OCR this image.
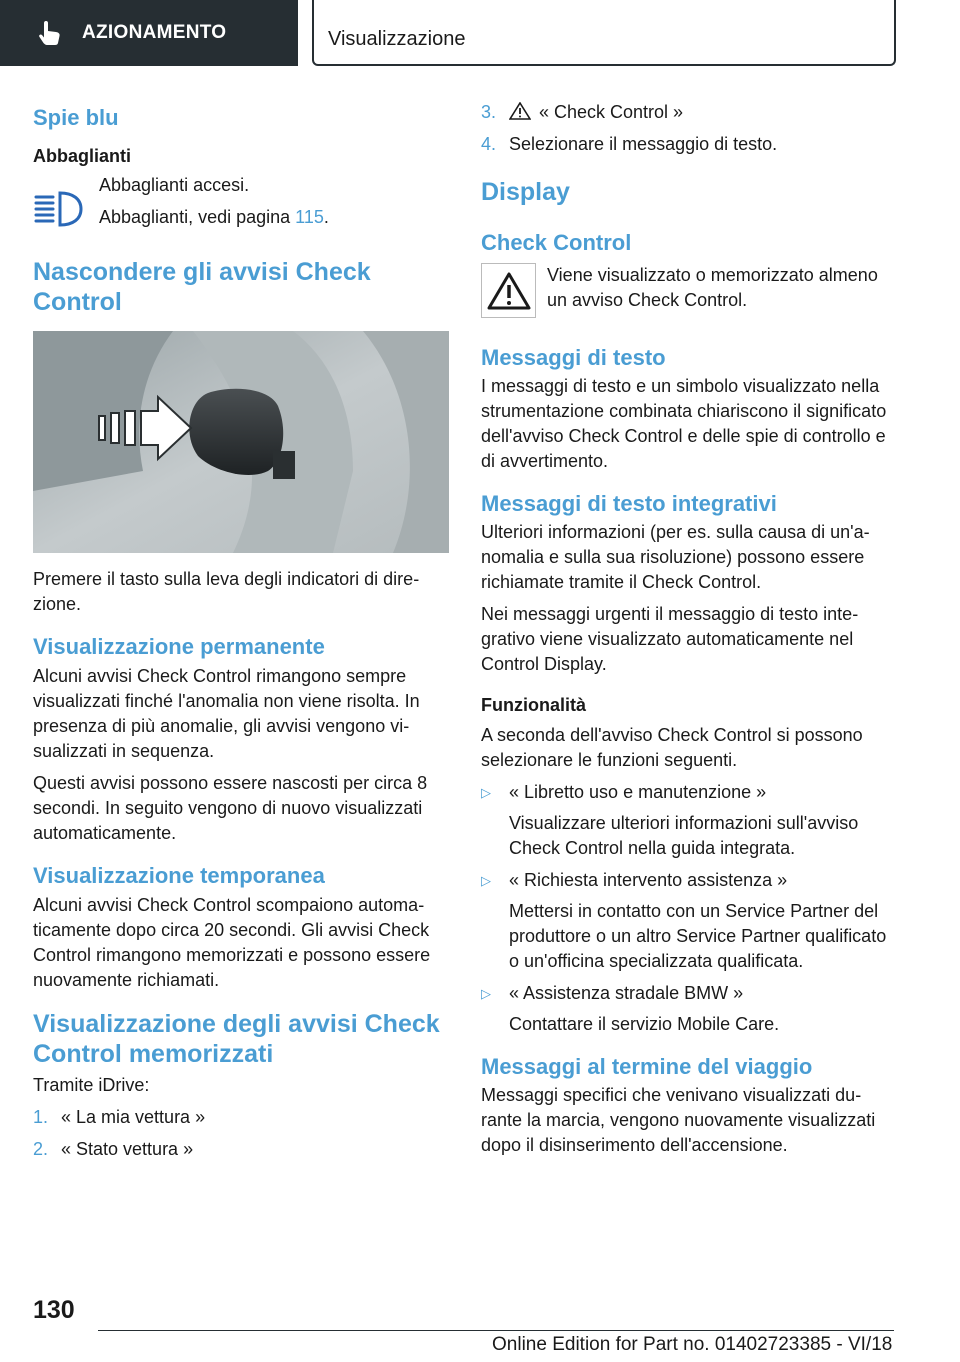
AZIONAMENTO	Visualizzazione
Spie blu
Abbaglianti

Abbaglianti accesi.

Abbaglianti, vedi pagina 115.

Nascondere gli avvisi Check Control

Premere il tasto sulla leva degli indicatori di direzione.

Visualizzazione permanente

Alcuni avvisi Check Control rimangono sempre visualizzati finché l'anomalia non viene risolta. In presenza di più anomalie, gli avvisi vengono visualizzati in sequenza.

Questi avvisi possono essere nascosti per circa 8 secondi. In seguito vengono di nuovo visualizzati automaticamente.

Visualizzazione temporanea

Alcuni avvisi Check Control scompaiono automaticamente dopo circa 20 secondi. Gli avvisi Check Control rimangono memorizzati e possono essere nuovamente richiamati.

Visualizzazione degli avvisi Check Control memorizzati

Tramite iDrive:

1. « La mia vettura »
2. « Stato vettura »
3.	« Check Control »
4. Selezionare il messaggio di testo.
Display
Check Control

Viene visualizzato o memorizzato almeno un avviso Check Control.

Messaggi di testo

I messaggi di testo e un simbolo visualizzato nella strumentazione combinata chiariscono il significato dell'avviso Check Control e delle spie di controllo e di avvertimento.

Messaggi di testo integrativi

Ulteriori informazioni (per es. sulla causa di un'anomalia e sulla sua risoluzione) possono essere richiamate tramite il Check Control.

Nei messaggi urgenti il messaggio di testo integrativo viene visualizzato automaticamente nel Control Display.

Funzionalità

A seconda dell'avviso Check Control si possono selezionare le funzioni seguenti.

▷	« Libretto uso e manutenzione »

Visualizzare ulteriori informazioni sull'avviso Check Control nella guida integrata.

▷	« Richiesta intervento assistenza »

Mettersi in contatto con un Service Partner del produttore o un altro Service Partner qualificato o un'officina specializzata qualificata.

▷	« Assistenza stradale BMW »

Contattare il servizio Mobile Care.

Messaggi al termine del viaggio

Messaggi specifici che venivano visualizzati durante la marcia, vengono nuovamente visualizzati dopo il disinserimento dell'accensione.

130
Online Edition for Part no. 01402723385 - VI/18
